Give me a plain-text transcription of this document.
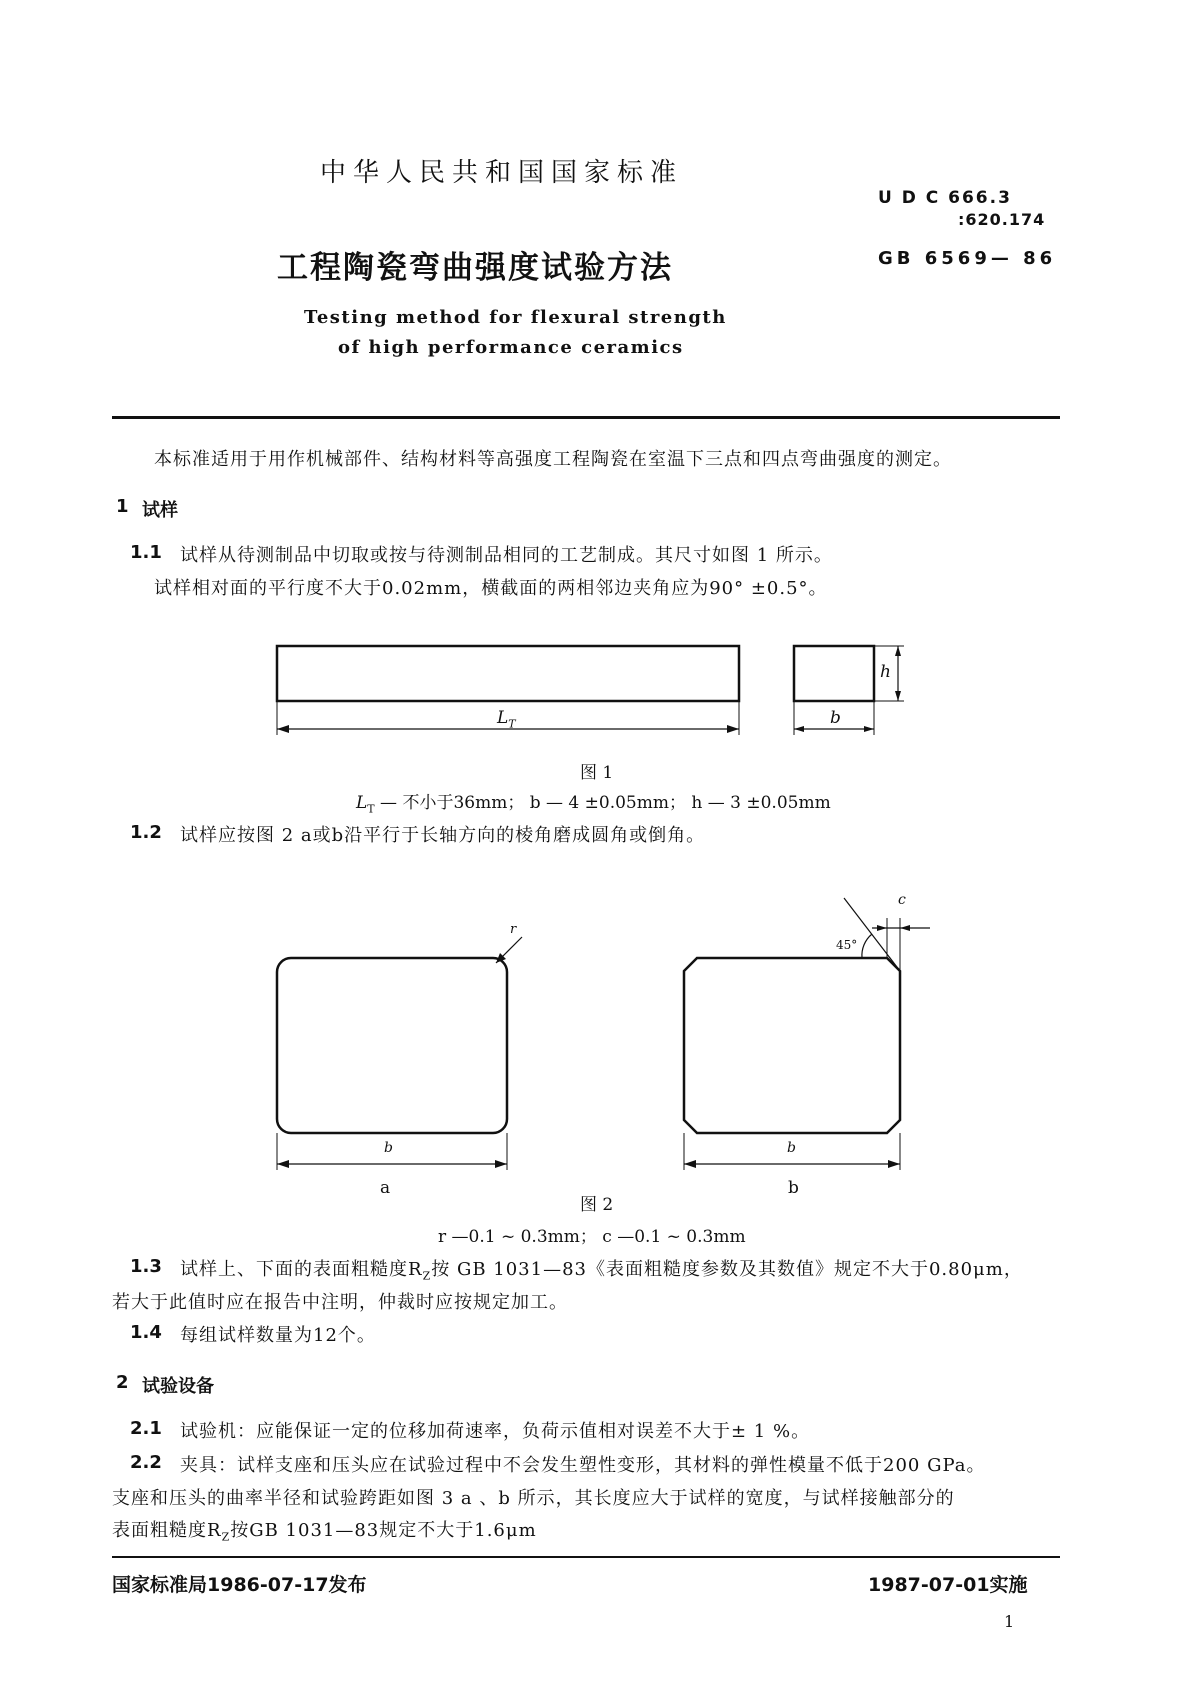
中华人民共和国国家标准
U D C 666.3
:620.174
GB 6569— 86
工程陶瓷弯曲强度试验方法
Testing method for flexural strength
of high performance ceramics
本标准适用于用作机械部件、结构材料等高强度工程陶瓷在室温下三点和四点弯曲强度的测定。
1 试样
1.1 试样从待测制品中切取或按与待测制品相同的工艺制成。其尺寸如图 1 所示。
试样相对面的平行度不大于0.02mm，横截面的两相邻边夹角应为90° ±0.5°。
$L_T$	b
h
图 1
$L_T$ — 不小于36mm； b — 4 ±0.05mm； h — 3 ±0.05mm
1.2 试样应按图 2 a或b沿平行于长轴方向的棱角磨成圆角或倒角。
r
c
45°
b	b
a	b
图 2
r —0.1 ~ 0.3mm； c —0.1 ~ 0.3mm
1.3 试样上、下面的表面粗糙度$R_Z$按 GB 1031—83《表面粗糙度参数及其数值》规定不大于0.80μm，
若大于此值时应在报告中注明，仲裁时应按规定加工。
1.4 每组试样数量为12个。
2 试验设备
2.1 试验机：应能保证一定的位移加荷速率，负荷示值相对误差不大于± 1 %。
2.2 夹具：试样支座和压头应在试验过程中不会发生塑性变形，其材料的弹性模量不低于200 GPa。
支座和压头的曲率半径和试验跨距如图 3 a 、b 所示，其长度应大于试样的宽度，与试样接触部分的
表面粗糙度$R_Z$按GB 1031—83规定不大于1.6μm
国家标准局1986-07-17发布	1987-07-01实施
1
